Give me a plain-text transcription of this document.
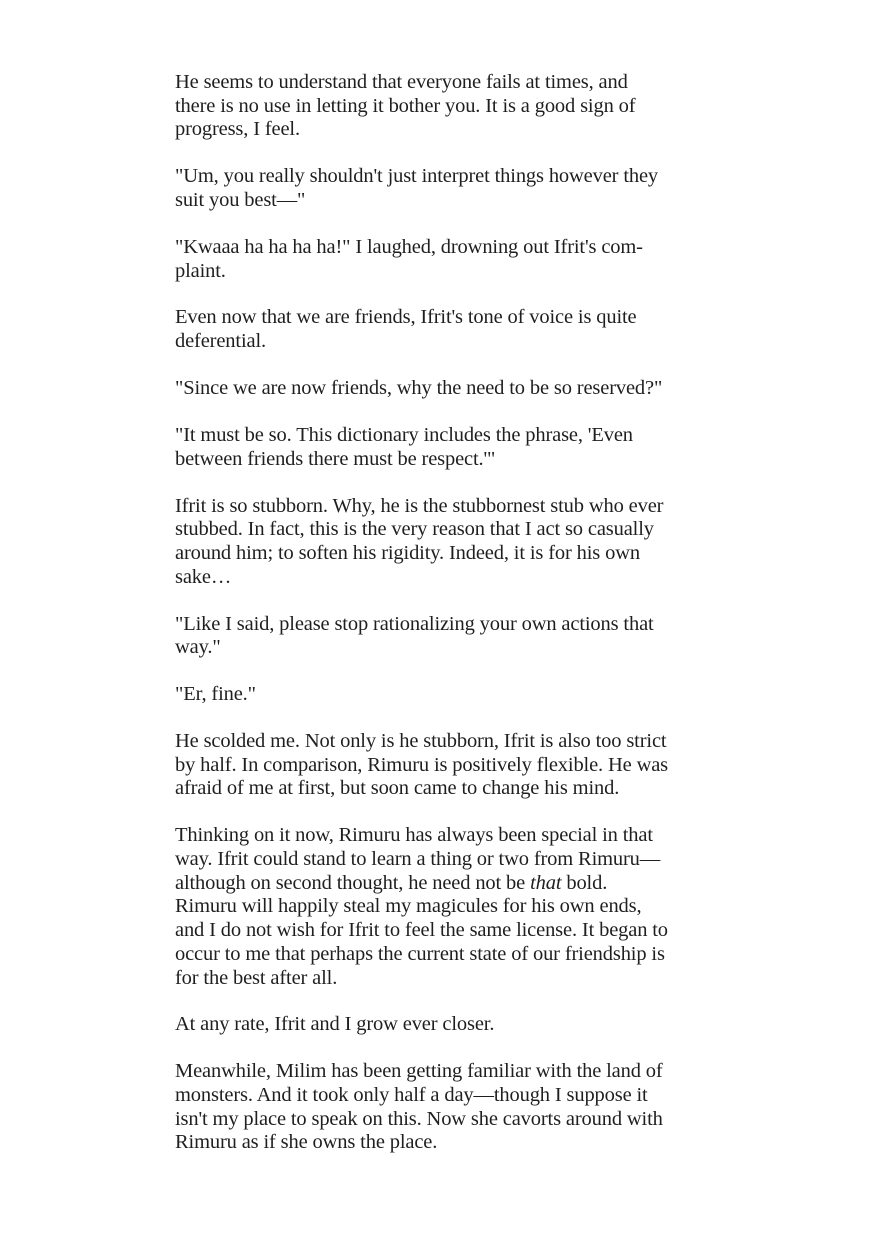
He seems to understand that everyone fails at times, and
there is no use in letting it bother you. It is a good sign of
progress, I feel.

"Um, you really shouldn't just interpret things however they
suit you best—"

"Kwaaa ha ha ha ha!" I laughed, drowning out Ifrit's com-
plaint.

Even now that we are friends, Ifrit's tone of voice is quite
deferential.

"Since we are now friends, why the need to be so reserved?"

"It must be so. This dictionary includes the phrase, 'Even
between friends there must be respect.'"

Ifrit is so stubborn. Why, he is the stubbornest stub who ever
stubbed. In fact, this is the very reason that I act so casually
around him; to soften his rigidity. Indeed, it is for his own
sake…

"Like I said, please stop rationalizing your own actions that
way."

"Er, fine."

He scolded me. Not only is he stubborn, Ifrit is also too strict
by half. In comparison, Rimuru is positively flexible. He was
afraid of me at first, but soon came to change his mind.

Thinking on it now, Rimuru has always been special in that
way. Ifrit could stand to learn a thing or two from Rimuru—
although on second thought, he need not be that bold.
Rimuru will happily steal my magicules for his own ends,
and I do not wish for Ifrit to feel the same license. It began to
occur to me that perhaps the current state of our friendship is
for the best after all.

At any rate, Ifrit and I grow ever closer.

Meanwhile, Milim has been getting familiar with the land of
monsters. And it took only half a day—though I suppose it
isn't my place to speak on this. Now she cavorts around with
Rimuru as if she owns the place.
